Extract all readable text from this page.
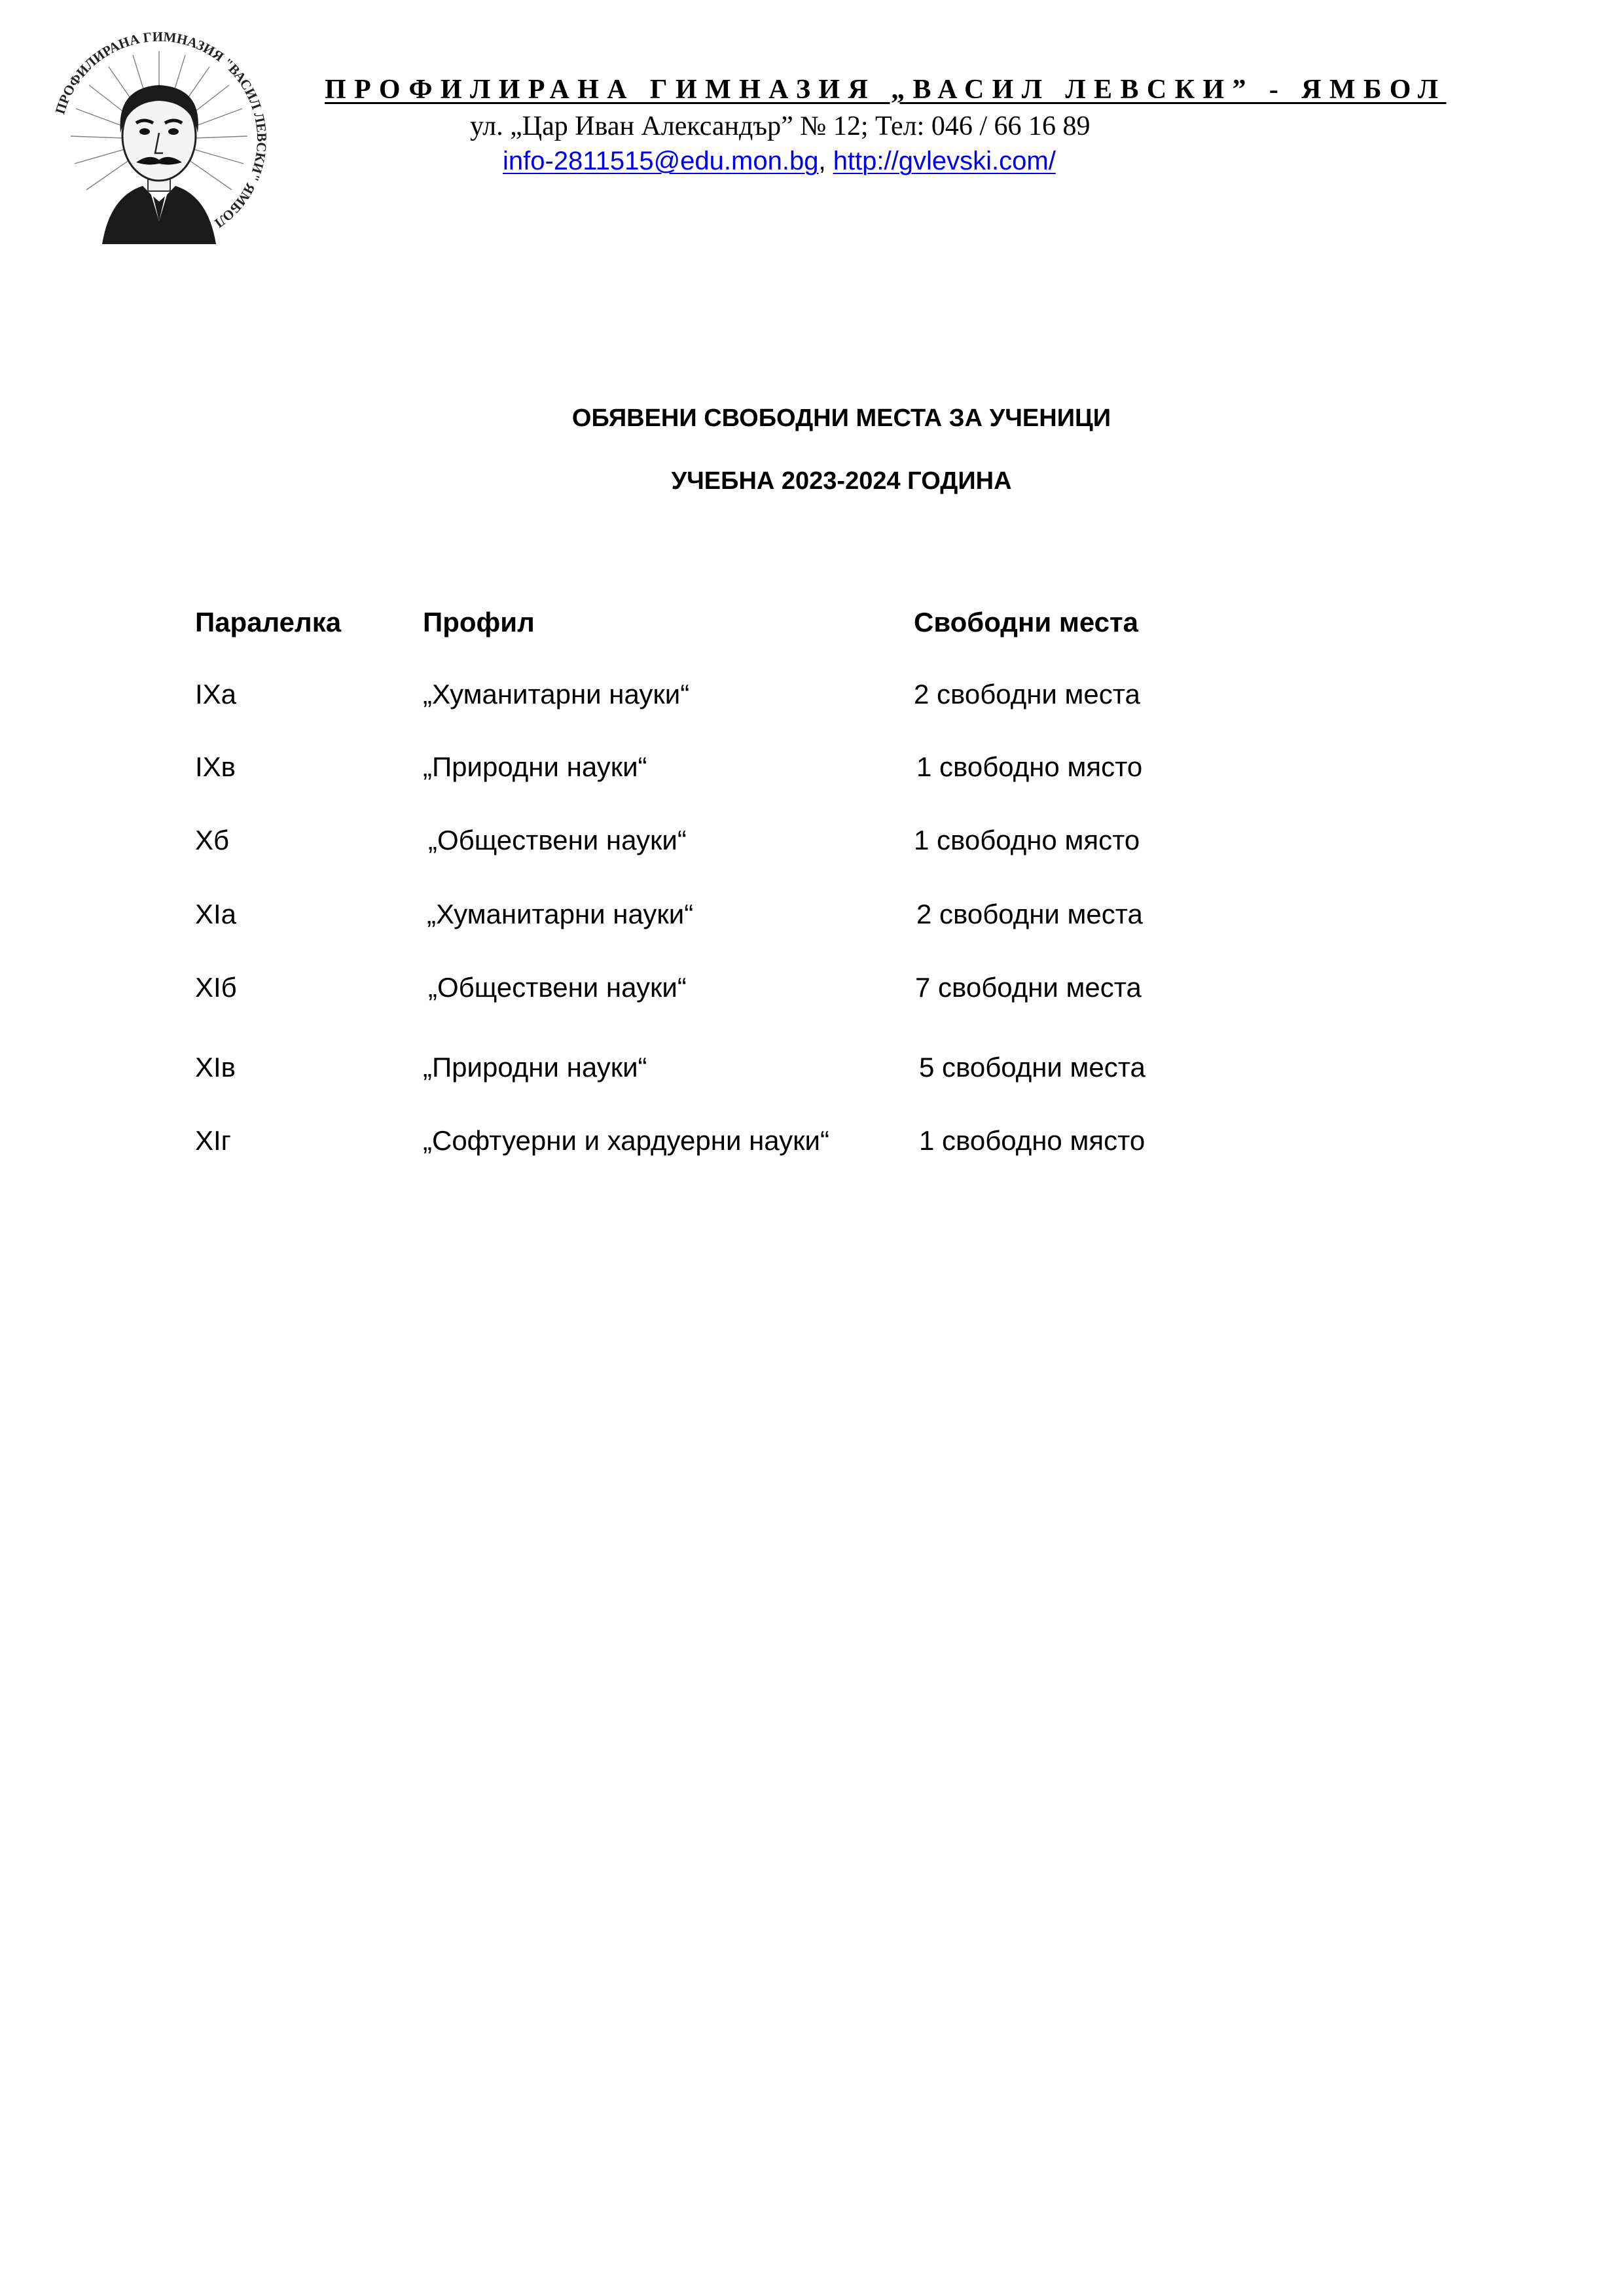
ПРОФИЛИРАНА ГИМНАЗИЯ "ВАСИЛ ЛЕВСКИ" ЯМБОЛ
ПРОФИЛИРАНА ГИМНАЗИЯ „ВАСИЛ ЛЕВСКИ” - ЯМБОЛ
ул. „Цар Иван Александър” № 12; Тел: 046 / 66 16 89
info-2811515@edu.mon.bg, http://gvlevski.com/
ОБЯВЕНИ СВОБОДНИ МЕСТА ЗА УЧЕНИЦИ
УЧЕБНА 2023-2024 ГОДИНА
Паралелка	Профил	Свободни места
IХа	„Хуманитарни науки“	2 свободни места
IХв	„Природни науки“	1 свободно място
Хб	„Обществени науки“	1 свободно място
ХIа	„Хуманитарни науки“	2 свободни места
ХIб	„Обществени науки“	7 свободни места
ХIв	„Природни науки“	5 свободни места
ХIг	„Софтуерни и хардуерни науки“	1 свободно място
